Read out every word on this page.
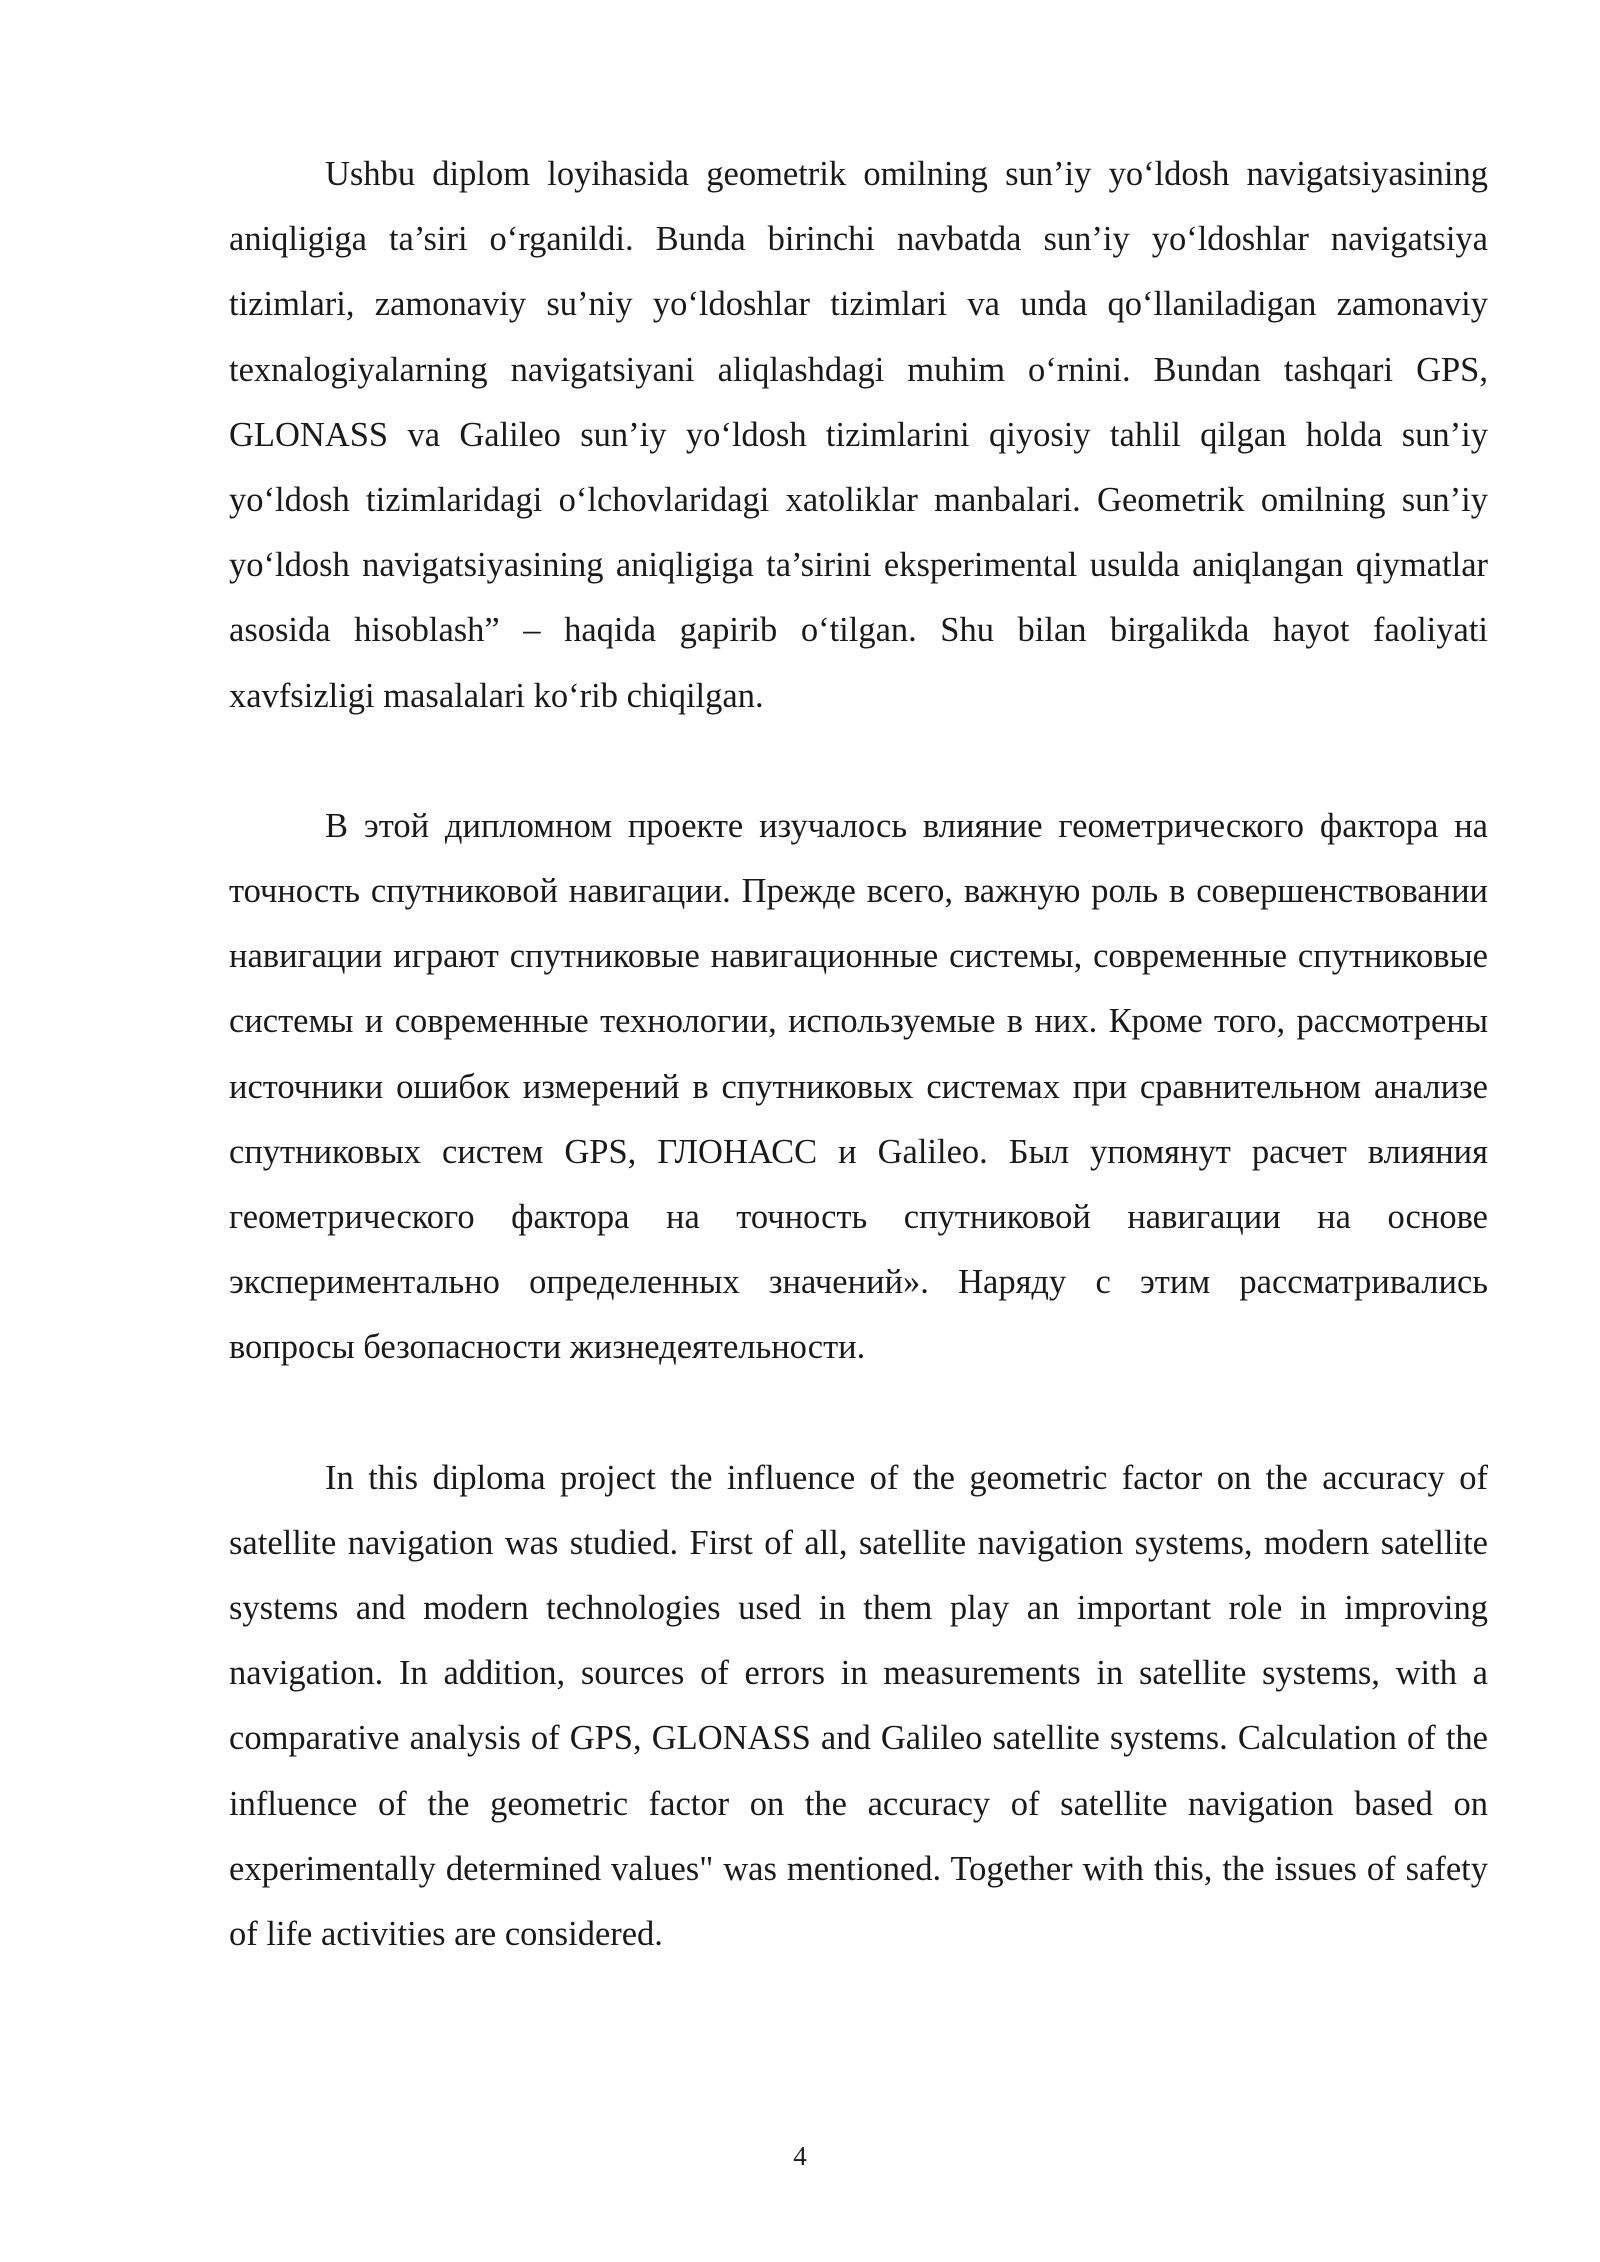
Ushbu diplom loyihasida geometrik omilning sun’iy yo‘ldosh navigatsiyasining aniqligiga ta’siri o‘rganildi. Bunda birinchi navbatda sun’iy yo‘ldoshlar navigatsiya tizimlari, zamonaviy su’niy yo‘ldoshlar tizimlari va unda qo‘llaniladigan zamonaviy texnalogiyalarning navigatsiyani aliqlashdagi muhim o‘rnini. Bundan tashqari GPS, GLONASS va Galileo sun’iy yo‘ldosh tizimlarini qiyosiy tahlil qilgan holda sun’iy yo‘ldosh tizimlaridagi o‘lchovlaridagi xatoliklar manbalari. Geometrik omilning sun’iy yo‘ldosh navigatsiyasining aniqligiga ta’sirini eksperimental usulda aniqlangan qiymatlar asosida hisoblash” – haqida gapirib o‘tilgan. Shu bilan birgalikda hayot faoliyati xavfsizligi masalalari ko‘rib chiqilgan.

В этой дипломном проекте изучалось влияние геометрического фактора на точность спутниковой навигации. Прежде всего, важную роль в совершенствовании навигации играют спутниковые навигационные системы, современные спутниковые системы и современные технологии, используемые в них. Кроме того, рассмотрены источники ошибок измерений в спутниковых системах при сравнительном анализе спутниковых систем GPS, ГЛОНАСС и Galileo. Был упомянут расчет влияния геометрического фактора на точность спутниковой навигации на основе экспериментально определенных значений». Наряду с этим рассматривались вопросы безопасности жизнедеятельности.

In this diploma project the influence of the geometric factor on the accuracy of satellite navigation was studied. First of all, satellite navigation systems, modern satellite systems and modern technologies used in them play an important role in improving navigation. In addition, sources of errors in measurements in satellite systems, with a comparative analysis of GPS, GLONASS and Galileo satellite systems. Calculation of the influence of the geometric factor on the accuracy of satellite navigation based on experimentally determined values" was mentioned. Together with this, the issues of safety of life activities are considered.

4
